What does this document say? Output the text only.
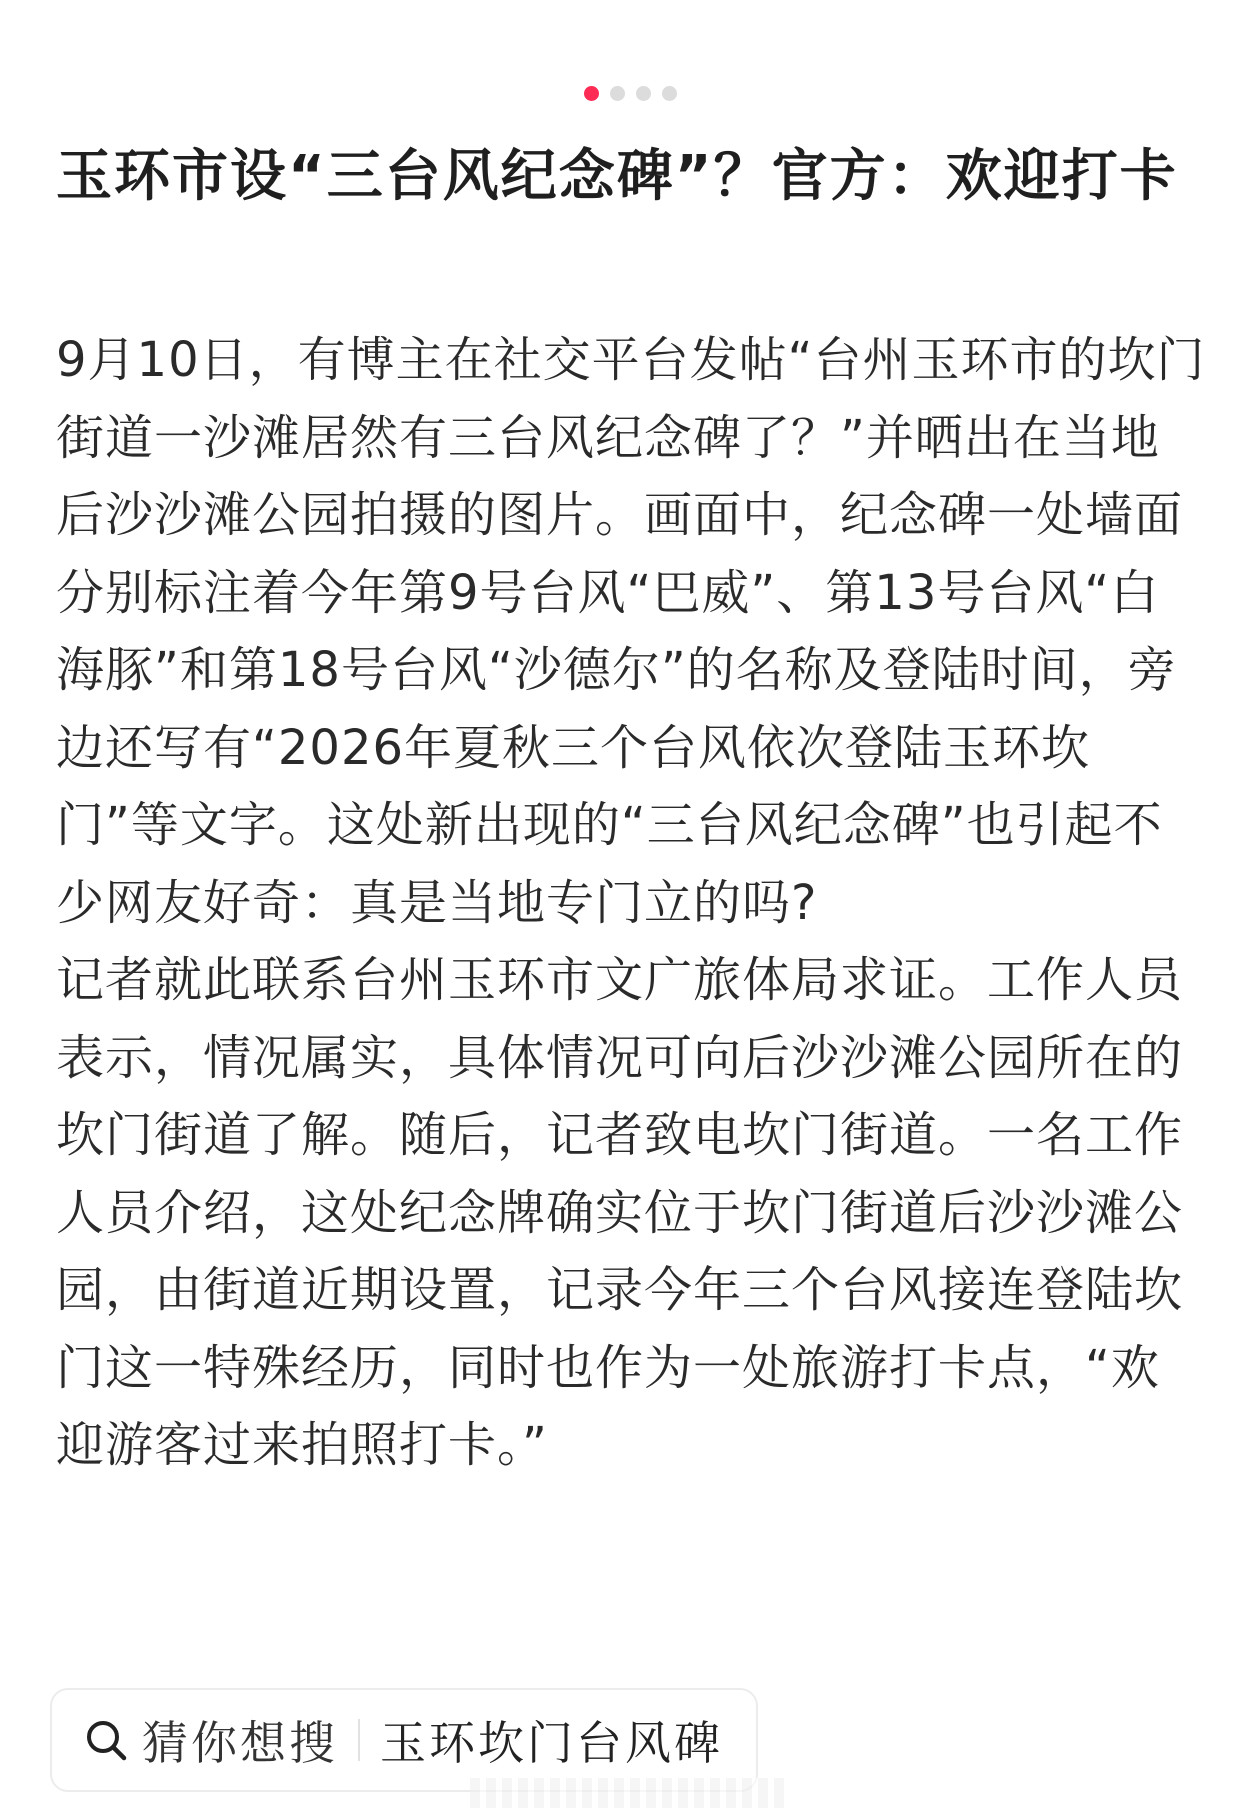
玉环市设“三台风纪念碑”？官方：欢迎打卡

9月10日，有博主在社交平台发帖“台州玉环市的坎门街道一沙滩居然有三台风纪念碑了？”并晒出在当地后沙沙滩公园拍摄的图片。画面中，纪念碑一处墙面分别标注着今年第9号台风“巴威”、第13号台风“白海豚”和第18号台风“沙德尔”的名称及登陆时间，旁边还写有“2026年夏秋三个台风依次登陆玉环坎门”等文字。这处新出现的“三台风纪念碑”也引起不少网友好奇：真是当地专门立的吗?

记者就此联系台州玉环市文广旅体局求证。工作人员表示，情况属实，具体情况可向后沙沙滩公园所在的坎门街道了解。随后，记者致电坎门街道。一名工作人员介绍，这处纪念牌确实位于坎门街道后沙沙滩公园，由街道近期设置，记录今年三个台风接连登陆坎门这一特殊经历，同时也作为一处旅游打卡点，“欢迎游客过来拍照打卡。”

猜你想搜 玉环坎门台风碑
